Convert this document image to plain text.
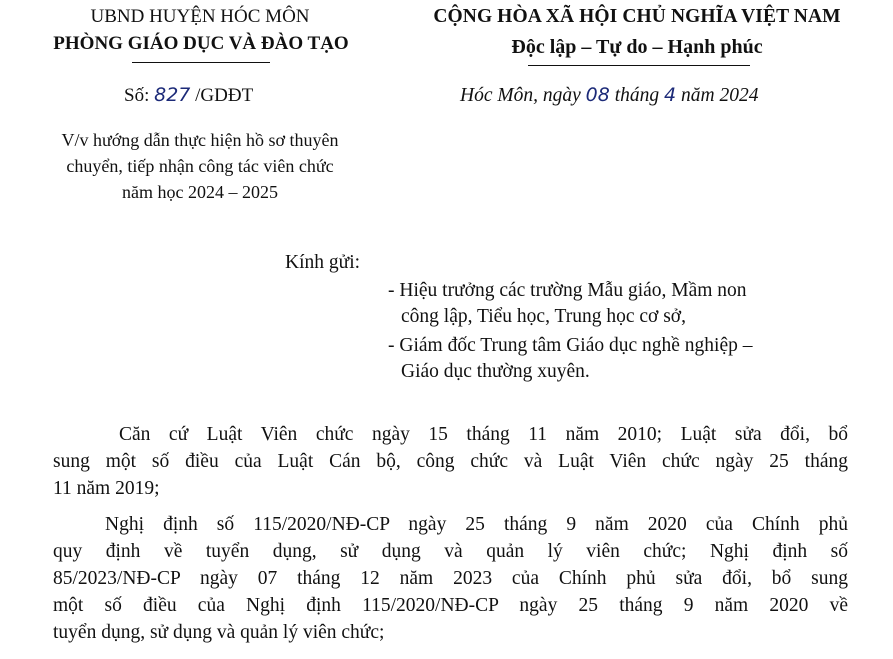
UBND HUYỆN HÓC MÔN
PHÒNG GIÁO DỤC VÀ ĐÀO TẠO
Số: 827 /GDĐT
V/v hướng dẫn thực hiện hồ sơ thuyên
chuyển, tiếp nhận công tác viên chức
năm học 2024 – 2025
CỘNG HÒA XÃ HỘI CHỦ NGHĨA VIỆT NAM
Độc lập – Tự do – Hạnh phúc
Hóc Môn, ngày 08 tháng 4 năm 2024
Kính gửi:
- Hiệu trưởng các trường Mẫu giáo, Mầm non
công lập, Tiểu học, Trung học cơ sở,
- Giám đốc Trung tâm Giáo dục nghề nghiệp –
Giáo dục thường xuyên.
Căn cứ Luật Viên chức ngày 15 tháng 11 năm 2010; Luật sửa đổi, bổ
sung một số điều của Luật Cán bộ, công chức và Luật Viên chức ngày 25 tháng
11 năm 2019;
Nghị định số 115/2020/NĐ-CP ngày 25 tháng 9 năm 2020 của Chính phủ
quy định về tuyển dụng, sử dụng và quản lý viên chức; Nghị định số
85/2023/NĐ-CP ngày 07 tháng 12 năm 2023 của Chính phủ sửa đổi, bổ sung
một số điều của Nghị định 115/2020/NĐ-CP ngày 25 tháng 9 năm 2020 về
tuyển dụng, sử dụng và quản lý viên chức;
